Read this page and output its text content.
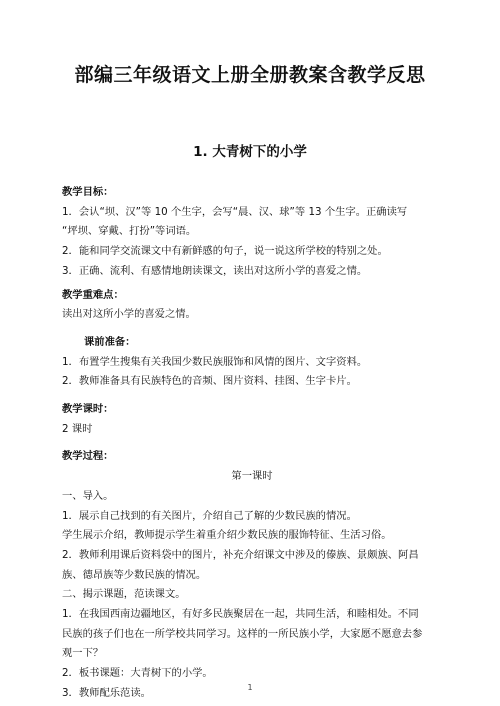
部编三年级语文上册全册教案含教学反思
1. 大青树下的小学

教学目标：

1．会认“坝、汉”等 10 个生字，会写“晨、汉、球”等 13 个生字。正确读写

“坪坝、穿戴、打扮”等词语。

2．能和同学交流课文中有新鲜感的句子，说一说这所学校的特别之处。

3．正确、流利、有感情地朗读课文，读出对这所小学的喜爱之情。

教学重难点：

读出对这所小学的喜爱之情。

课前准备：

1．布置学生搜集有关我国少数民族服饰和风情的图片、文字资料。

2．教师准备具有民族特色的音频、图片资料、挂图、生字卡片。

教学课时：

2 课时

教学过程：

第一课时

一、导入。

1．展示自己找到的有关图片，介绍自己了解的少数民族的情况。

学生展示介绍，教师提示学生着重介绍少数民族的服饰特征、生活习俗。

2．教师利用课后资料袋中的图片，补充介绍课文中涉及的傣族、景颇族、阿昌

族、德昂族等少数民族的情况。

二、揭示课题，范读课文。

1．在我国西南边疆地区，有好多民族聚居在一起，共同生活，和睦相处。不同

民族的孩子们也在一所学校共同学习。这样的一所民族小学，大家愿不愿意去参

观一下？

2．板书课题：大青树下的小学。

3．教师配乐范读。	1
